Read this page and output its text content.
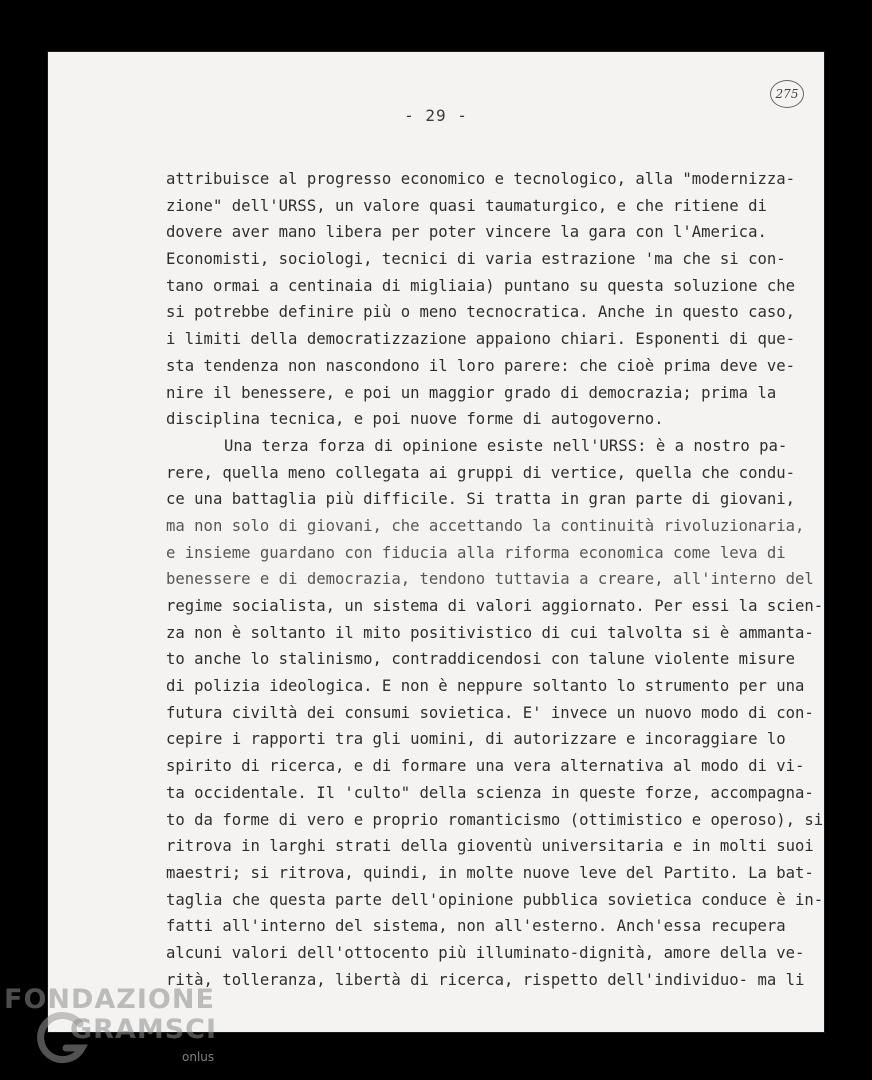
275
- 29 -
attribuisce al progresso economico e tecnologico, alla "modernizza-
zione" dell'URSS, un valore quasi taumaturgico, e che ritiene di
dovere aver mano libera per poter vincere la gara con l'America.
Economisti, sociologi, tecnici di varia estrazione 'ma che si con-
tano ormai a centinaia di migliaia) puntano su questa soluzione che
si potrebbe definire più o meno tecnocratica. Anche in questo caso,
i limiti della democratizzazione appaiono chiari. Esponenti di que-
sta tendenza non nascondono il loro parere: che cioè prima deve ve-
nire il benessere, e poi un maggior grado di democrazia; prima la
disciplina tecnica, e poi nuove forme di autogoverno.
Una terza forza di opinione esiste nell'URSS: è a nostro pa-
rere, quella meno collegata ai gruppi di vertice, quella che condu-
ce una battaglia più difficile. Si tratta in gran parte di giovani,
ma non solo di giovani, che accettando la continuità rivoluzionaria,
e insieme guardano con fiducia alla riforma economica come leva di
benessere e di democrazia, tendono tuttavia a creare, all'interno del
regime socialista, un sistema di valori aggiornato. Per essi la scien-
za non è soltanto il mito positivistico di cui talvolta si è ammanta-
to anche lo stalinismo, contraddicendosi con talune violente misure
di polizia ideologica. E non è neppure soltanto lo strumento per una
futura civiltà dei consumi sovietica. E' invece un nuovo modo di con-
cepire i rapporti tra gli uomini, di autorizzare e incoraggiare lo
spirito di ricerca, e di formare una vera alternativa al modo di vi-
ta occidentale. Il 'culto" della scienza in queste forze, accompagna-
to da forme di vero e proprio romanticismo (ottimistico e operoso), si
ritrova in larghi strati della gioventù universitaria e in molti suoi
maestri; si ritrova, quindi, in molte nuove leve del Partito. La bat-
taglia che questa parte dell'opinione pubblica sovietica conduce è in-
fatti all'interno del sistema, non all'esterno. Anch'essa recupera
alcuni valori dell'ottocento più illuminato-dignità, amore della ve-
rità, tolleranza, libertà di ricerca, rispetto dell'individuo- ma li
FONDAZIONE
GRAMSCI
onlus
